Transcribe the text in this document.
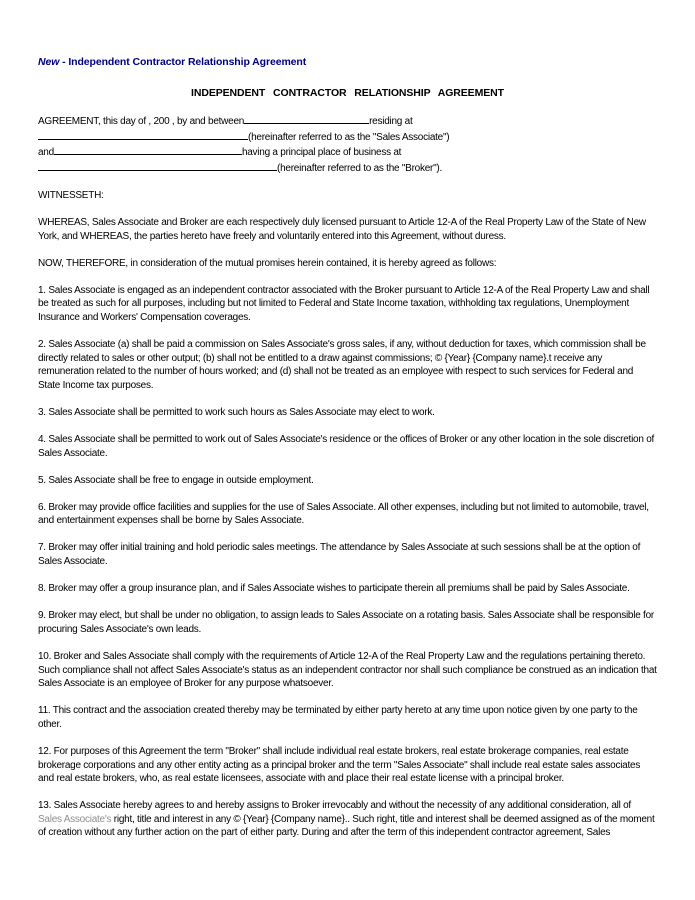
New - Independent Contractor Relationship Agreement
INDEPENDENT CONTRACTOR RELATIONSHIP AGREEMENT
AGREEMENT, this day of , 200 , by and between	residing at
(hereinafter referred to as the "Sales Associate")
and	having a principal place of business at
(hereinafter referred to as the "Broker").

WITNESSETH:

WHEREAS, Sales Associate and Broker are each respectively duly licensed pursuant to Article 12-A of the Real Property Law of the State of New York, and WHEREAS, the parties hereto have freely and voluntarily entered into this Agreement, without duress.

NOW, THEREFORE, in consideration of the mutual promises herein contained, it is hereby agreed as follows:

1. Sales Associate is engaged as an independent contractor associated with the Broker pursuant to Article 12-A of the Real Property Law and shall be treated as such for all purposes, including but not limited to Federal and State Income taxation, withholding tax regulations, Unemployment Insurance and Workers' Compensation coverages.

2. Sales Associate (a) shall be paid a commission on Sales Associate's gross sales, if any, without deduction for taxes, which commission shall be directly related to sales or other output; (b) shall not be entitled to a draw against commissions; © {Year} {Company name}.t receive any remuneration related to the number of hours worked; and (d) shall not be treated as an employee with respect to such services for Federal and State Income tax purposes.

3. Sales Associate shall be permitted to work such hours as Sales Associate may elect to work.

4. Sales Associate shall be permitted to work out of Sales Associate's residence or the offices of Broker or any other location in the sole discretion of Sales Associate.

5. Sales Associate shall be free to engage in outside employment.

6. Broker may provide office facilities and supplies for the use of Sales Associate. All other expenses, including but not limited to automobile, travel, and entertainment expenses shall be borne by Sales Associate.

7. Broker may offer initial training and hold periodic sales meetings. The attendance by Sales Associate at such sessions shall be at the option of Sales Associate.

8. Broker may offer a group insurance plan, and if Sales Associate wishes to participate therein all premiums shall be paid by Sales Associate.

9. Broker may elect, but shall be under no obligation, to assign leads to Sales Associate on a rotating basis. Sales Associate shall be responsible for procuring Sales Associate's own leads.

10. Broker and Sales Associate shall comply with the requirements of Article 12-A of the Real Property Law and the regulations pertaining thereto. Such compliance shall not affect Sales Associate's status as an independent contractor nor shall such compliance be construed as an indication that Sales Associate is an employee of Broker for any purpose whatsoever.

11. This contract and the association created thereby may be terminated by either party hereto at any time upon notice given by one party to the other.

12. For purposes of this Agreement the term "Broker" shall include individual real estate brokers, real estate brokerage companies, real estate brokerage corporations and any other entity acting as a principal broker and the term "Sales Associate" shall include real estate sales associates and real estate brokers, who, as real estate licensees, associate with and place their real estate license with a principal broker.

13. Sales Associate hereby agrees to and hereby assigns to Broker irrevocably and without the necessity of any additional consideration, all of Sales Associate's right, title and interest in any © {Year} {Company name}.. Such right, title and interest shall be deemed assigned as of the moment of creation without any further action on the part of either party. During and after the term of this independent contractor agreement, Sales
